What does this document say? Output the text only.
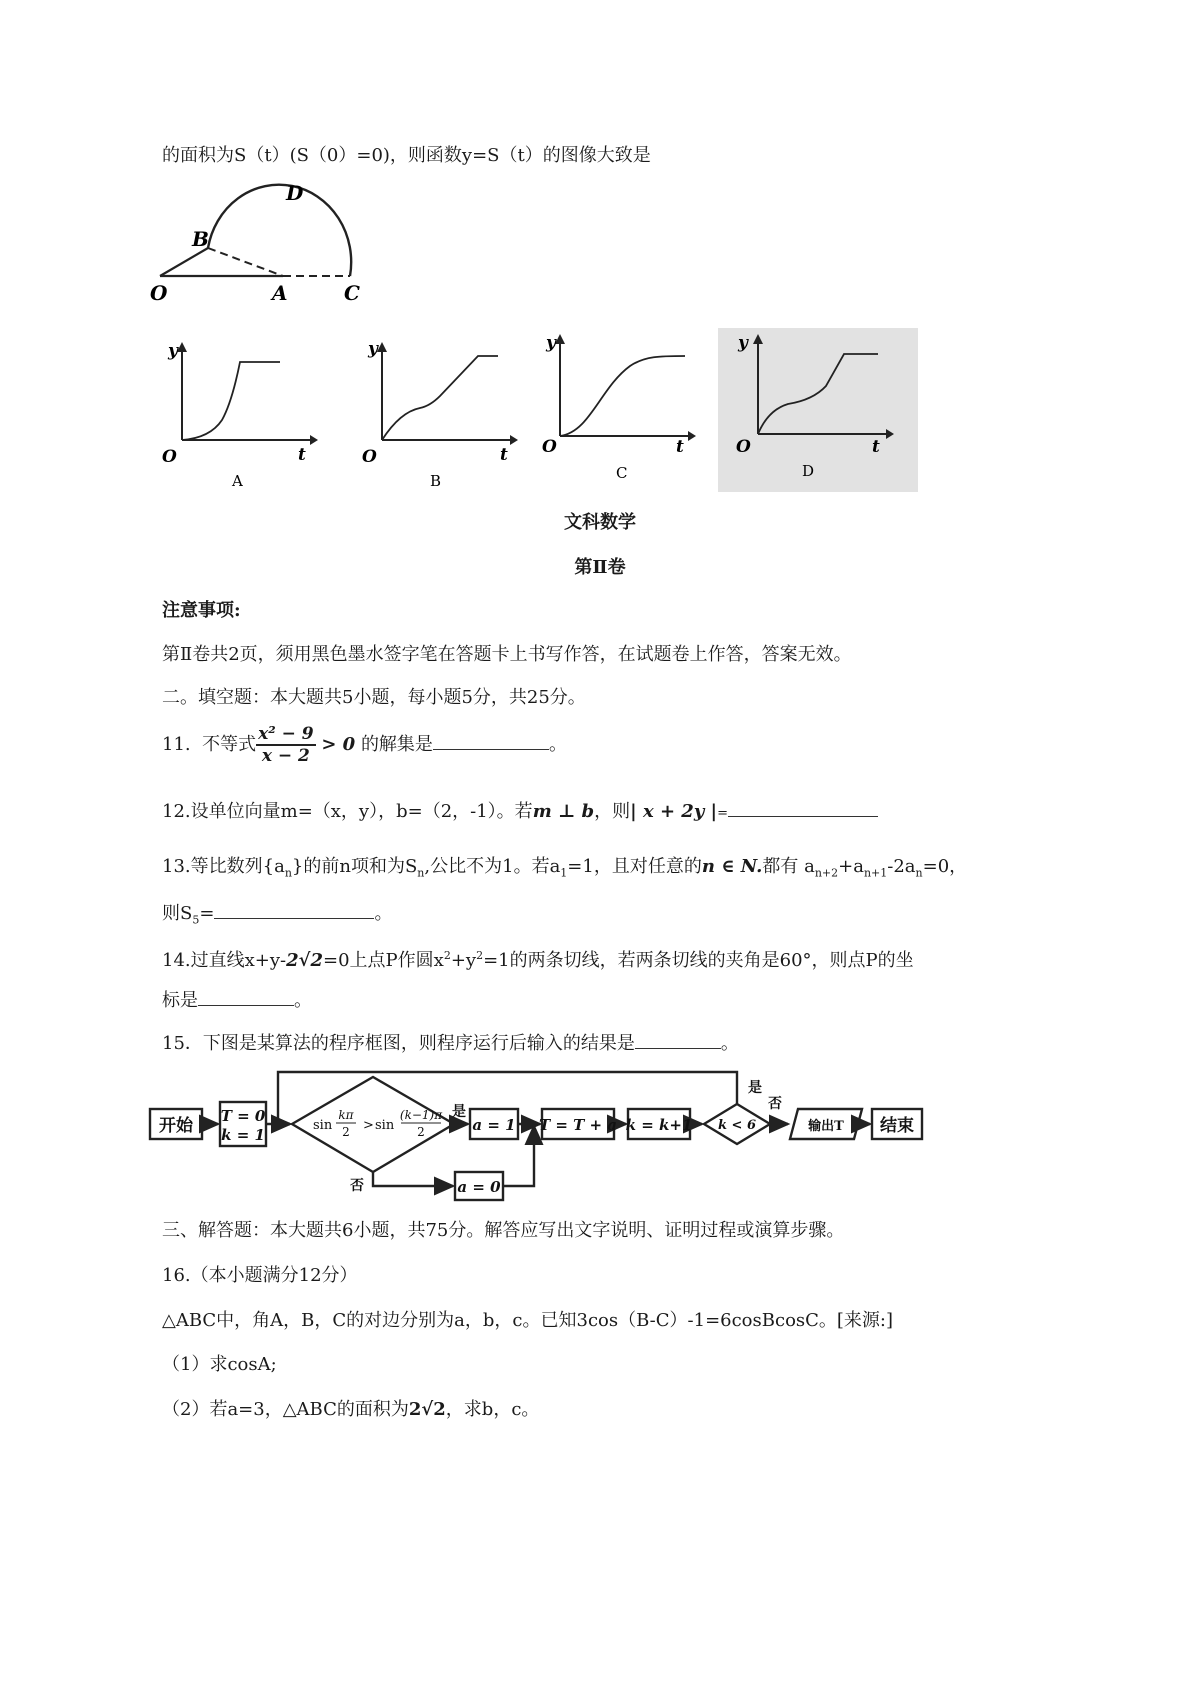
的面积为S（t）(S（0）=0)，则函数y=S（t）的图像大致是
O	A
B
C
D
y
t
O
A
y
t
O
B
y
t
O
C
y
t
O
D
文科数学
第Ⅱ卷
注意事项:
第Ⅱ卷共2页，须用黑色墨水签字笔在答题卡上书写作答，在试题卷上作答，答案无效。
二。填空题：本大题共5小题，每小题5分，共25分。
11. 不等式 $\frac{\text{x² − 9}}{x - 2} > 0$ 的解集是	。
12.设单位向量m=（x，y），b=（2，-1）。若m ⊥ b，则| x + 2y |=
13.等比数列$\{a_n\}$的前n项和为$S_n$,公比不为1。若$a_1=1$，且对任意的n ∈ N.都有 $a_{n+2}+a_{n+1}-2a_n=0$，
则$S_5=$	。
14.过直线x+y-2√2=0上点P作圆$x^2+y^2=1$的两条切线，若两条切线的夹角是60°，则点P的坐
标是	。
15．下图是某算法的程序框图，则程序运行后输入的结果是	。
开始 T = 0
k = 1
sin
kπ
2 > sin
(k−1)π
2
是
否
a = 1
a = 0
T = T + a k = k+1 k < 6
是
否
输出T 结束
三、解答题：本大题共6小题，共75分。解答应写出文字说明、证明过程或演算步骤。
16.（本小题满分12分）
△ABC中，角A，B，C的对边分别为a，b，c。已知3cos（B-C）-1=6cosBcosC。[来源:]
（1）求cosA;
（2）若a=3，△ABC的面积为2√2，求b，c。
